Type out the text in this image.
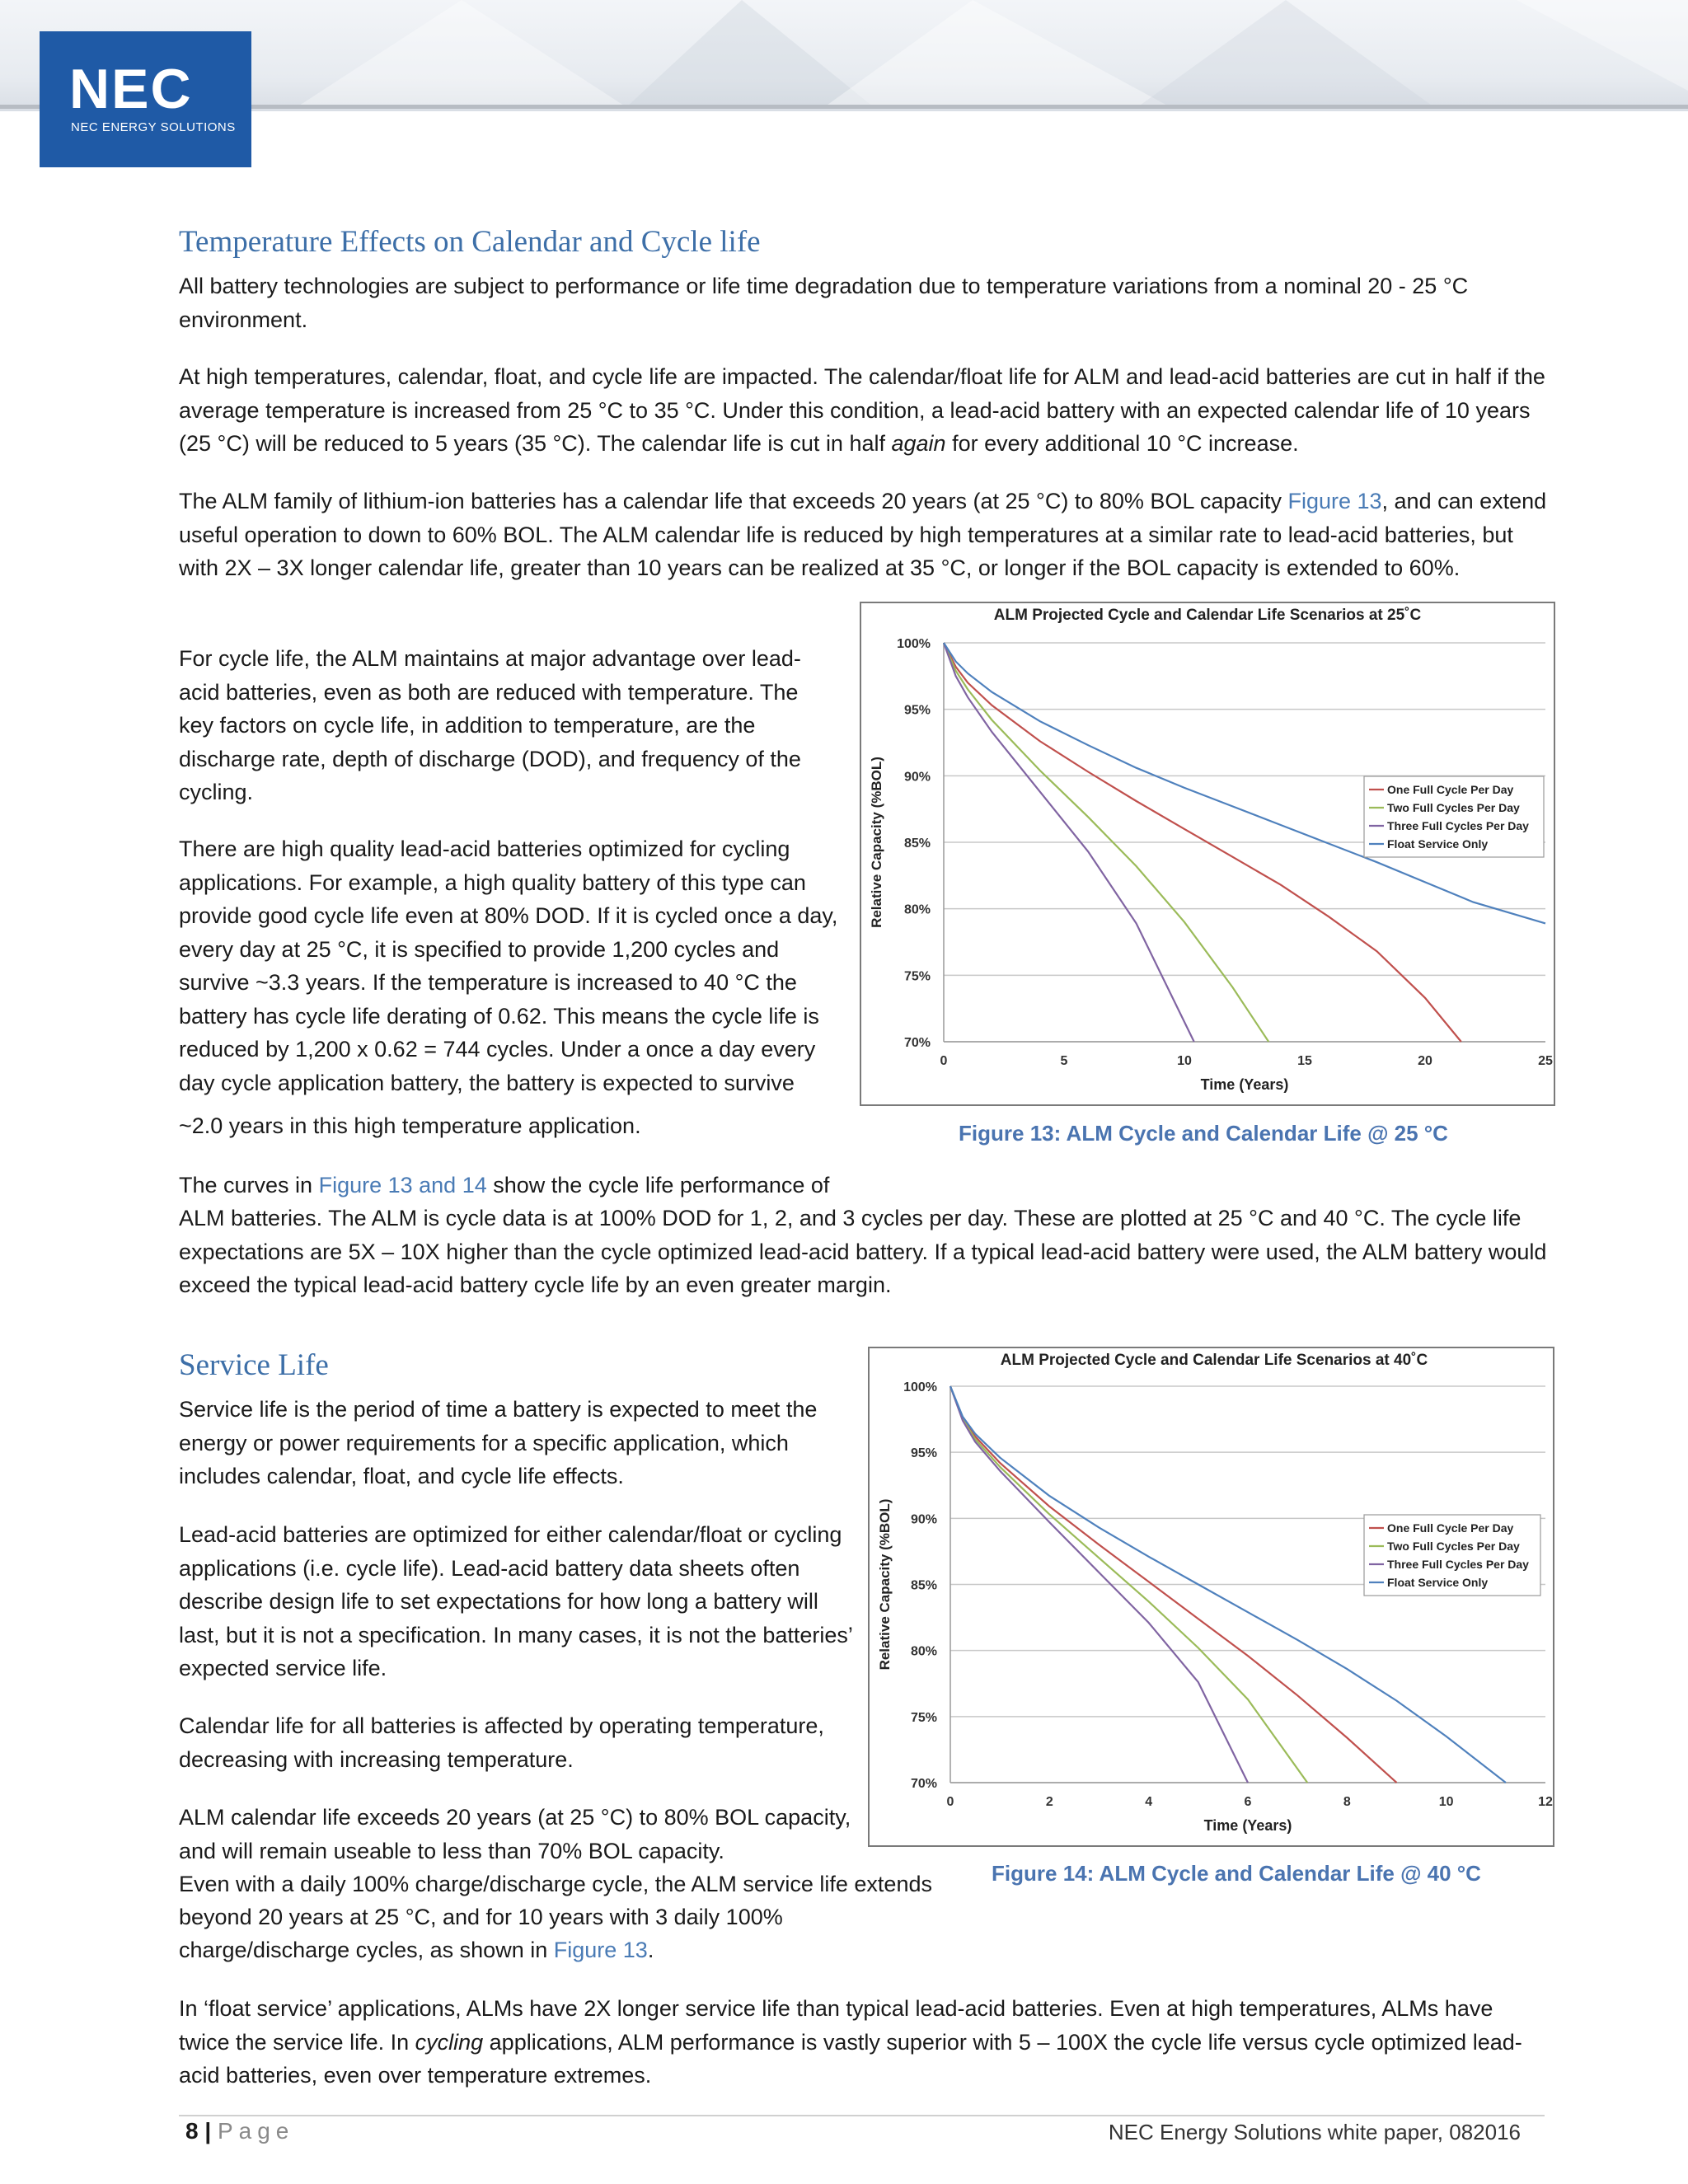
NEC
NEC ENERGY SOLUTIONS
Temperature Effects on Calendar and Cycle life

All battery technologies are subject to performance or life time degradation due to temperature variations from a nominal 20 - 25 °C environment.

At high temperatures, calendar, float, and cycle life are impacted. The calendar/float life for ALM and lead-acid batteries are cut in half if the average temperature is increased from 25 °C to 35 °C. Under this condition, a lead-acid battery with an expected calendar life of 10 years (25 °C) will be reduced to 5 years (35 °C). The calendar life is cut in half again for every additional 10 °C increase.

The ALM family of lithium-ion batteries has a calendar life that exceeds 20 years (at 25 °C) to 80% BOL capacity Figure 13, and can extend useful operation to down to 60% BOL. The ALM calendar life is reduced by high temperatures at a similar rate to lead-acid batteries, but with 2X – 3X longer calendar life, greater than 10 years can be realized at 35 °C, or longer if the BOL capacity is extended to 60%.

For cycle life, the ALM maintains at major advantage over lead-acid batteries, even as both are reduced with temperature. The key factors on cycle life, in addition to temperature, are the discharge rate, depth of discharge (DOD), and frequency of the cycling.

There are high quality lead-acid batteries optimized for cycling applications. For example, a high quality battery of this type can provide good cycle life even at 80% DOD. If it is cycled once a day, every day at 25 °C, it is specified to provide 1,200 cycles and survive ~3.3 years. If the temperature is increased to 40 °C the battery has cycle life derating of 0.62. This means the cycle life is reduced by 1,200 x 0.62 = 744 cycles. Under a once a day every day cycle application battery, the battery is expected to survive

~2.0 years in this high temperature application.

ALM Projected Cycle and Calendar Life Scenarios at 25˚C
70%
75%
80%
85%
90%
95%
100%
0	5	10	15	20	25
Time (Years)
Relative Capacity (%BOL)	One Full Cycle Per Day
Two Full Cycles Per Day
Three Full Cycles Per Day
Float Service Only
Figure 13: ALM Cycle and Calendar Life @ 25 °C

The curves in Figure 13 and 14 show the cycle life performance of

ALM batteries. The ALM is cycle data is at 100% DOD for 1, 2, and 3 cycles per day. These are plotted at 25 °C and 40 °C. The cycle life expectations are 5X – 10X higher than the cycle optimized lead-acid battery. If a typical lead-acid battery were used, the ALM battery would exceed the typical lead-acid battery cycle life by an even greater margin.

Service Life

Service life is the period of time a battery is expected to meet the energy or power requirements for a specific application, which includes calendar, float, and cycle life effects.

Lead-acid batteries are optimized for either calendar/float or cycling applications (i.e. cycle life). Lead-acid battery data sheets often describe design life to set expectations for how long a battery will last, but it is not a specification. In many cases, it is not the batteries’ expected service life.

Calendar life for all batteries is affected by operating temperature, decreasing with increasing temperature.

ALM calendar life exceeds 20 years (at 25 °C) to 80% BOL capacity, and will remain useable to less than 70% BOL capacity.

Even with a daily 100% charge/discharge cycle, the ALM service life extends

beyond 20 years at 25 °C, and for 10 years with 3 daily 100%

charge/discharge cycles, as shown in Figure 13.

ALM Projected Cycle and Calendar Life Scenarios at 40˚C
70%
75%
80%
85%
90%
95%
100%
0	2	4	6	8	10	12
Time (Years)
Relative Capacity (%BOL)	One Full Cycle Per Day
Two Full Cycles Per Day
Three Full Cycles Per Day
Float Service Only
Figure 14: ALM Cycle and Calendar Life @ 40 °C

In ‘float service’ applications, ALMs have 2X longer service life than typical lead-acid batteries. Even at high temperatures, ALMs have twice the service life. In cycling applications, ALM performance is vastly superior with 5 – 100X the cycle life versus cycle optimized lead-acid batteries, even over temperature extremes.

8 | Page	NEC Energy Solutions white paper, 082016
